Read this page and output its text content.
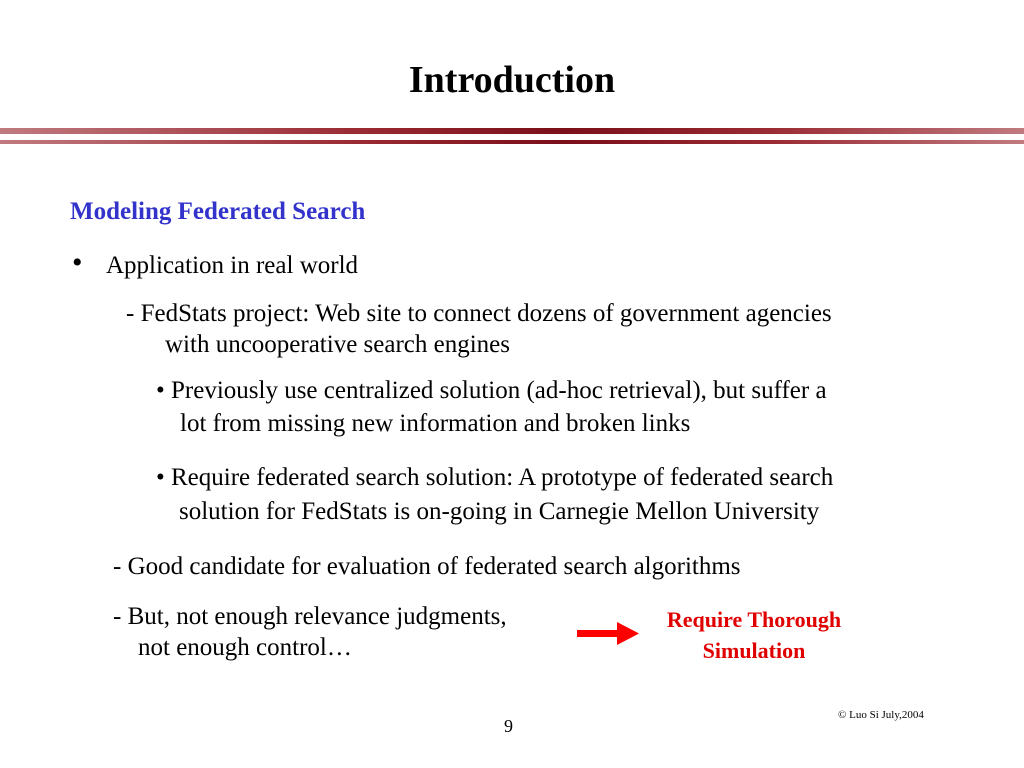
Introduction
Modeling Federated Search
• Application in real world
- FedStats project: Web site to connect dozens of government agencies
with uncooperative search engines
• Previously use centralized solution (ad-hoc retrieval), but suffer a
lot from missing new information and broken links
• Require federated search solution: A prototype of federated search
solution for FedStats is on-going in Carnegie Mellon University
- Good candidate for evaluation of federated search algorithms
- But, not enough relevance judgments,
not enough control…
Require Thorough
Simulation
© Luo Si July,2004
9
